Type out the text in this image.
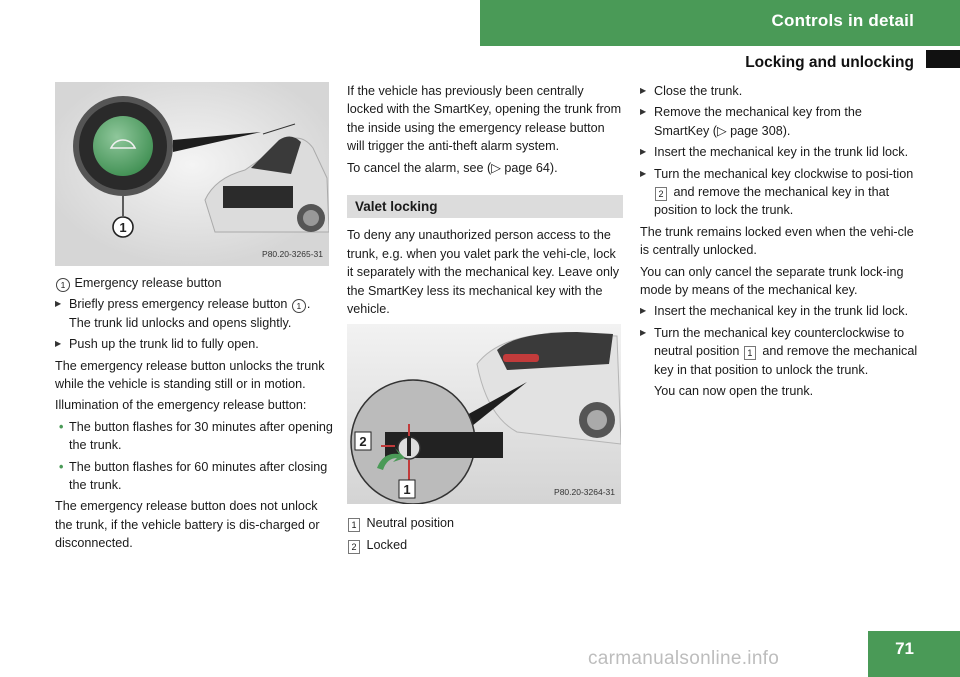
Controls in detail
Locking and unlocking
1
P80.20-3265-31

1 Emergency release button

▶ Briefly press emergency release button 1 .
The trunk lid unlocks and opens slightly.
▶ Push up the trunk lid to fully open.

The emergency release button unlocks the trunk while the vehicle is standing still or in motion.

Illumination of the emergency release button:

• The button flashes for 30 minutes after opening the trunk.
• The button flashes for 60 minutes after closing the trunk.

The emergency release button does not unlock the trunk, if the vehicle battery is dis-charged or disconnected.

If the vehicle has previously been centrally locked with the SmartKey, opening the trunk from the inside using the emergency release button will trigger the anti-theft alarm system.

To cancel the alarm, see (▷ page 64).

Valet locking

To deny any unauthorized person access to the trunk, e.g. when you valet park the vehi-cle, lock it separately with the mechanical key. Leave only the SmartKey less its mechanical key with the vehicle.

2
1	P80.20-3264-31

1 Neutral position

2 Locked

▶ Close the trunk.
▶ Remove the mechanical key from the SmartKey (▷ page 308).
▶ Insert the mechanical key in the trunk lid lock.
▶ Turn the mechanical key clockwise to posi-tion 2 and remove the mechanical key in that position to lock the trunk.

The trunk remains locked even when the vehi-cle is centrally unlocked.

You can only cancel the separate trunk lock-ing mode by means of the mechanical key.

▶ Insert the mechanical key in the trunk lid lock.
▶ Turn the mechanical key counterclockwise to neutral position 1 and remove the mechanical key in that position to unlock the trunk.
You can now open the trunk.
71
carmanualsonline.info
